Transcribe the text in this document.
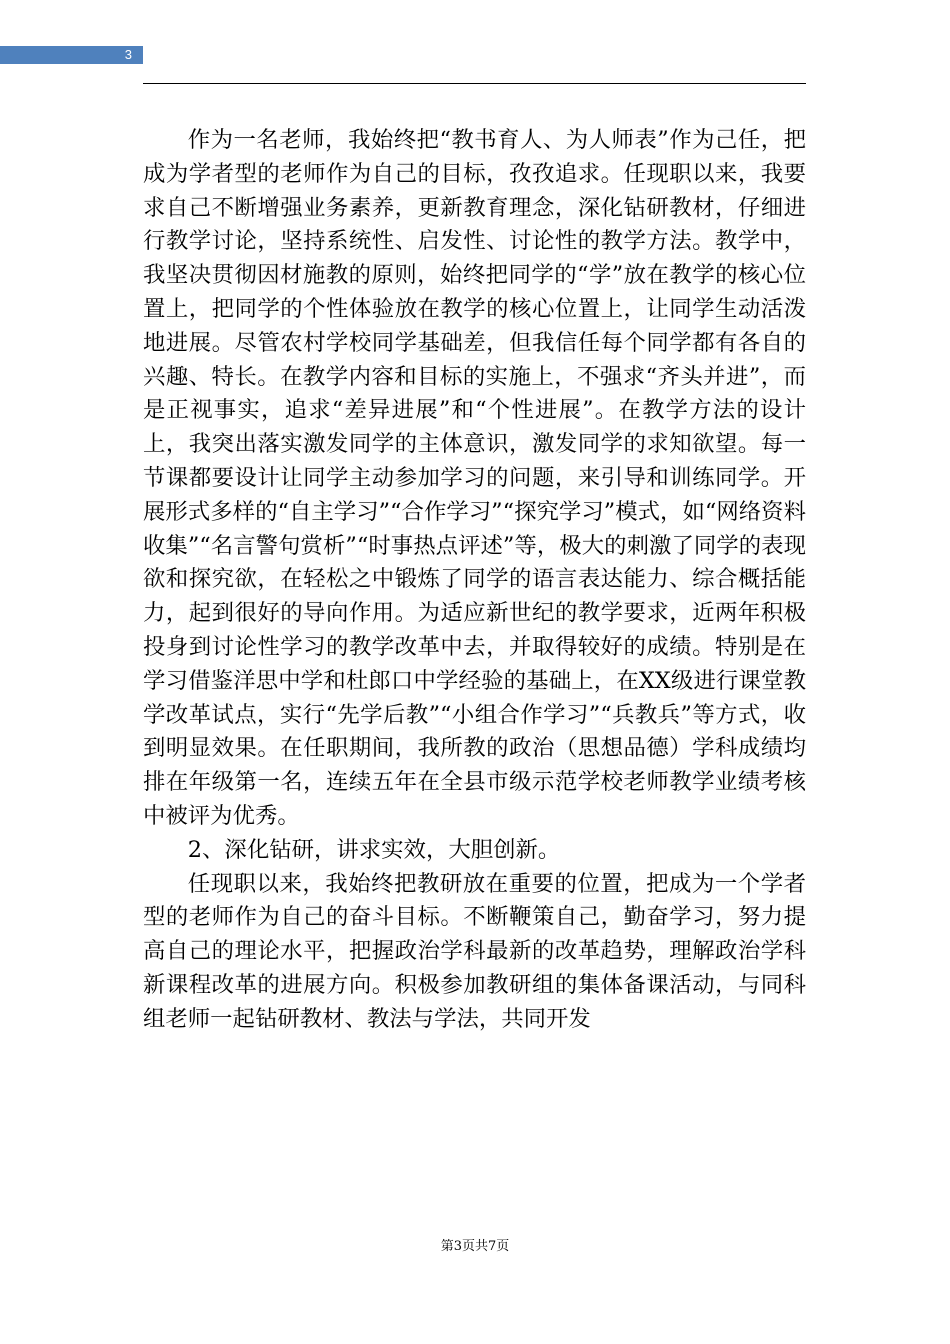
3

作为一名老师，我始终把“教书育人、为人师表”作为己任，把成为学者型的老师作为自己的目标，孜孜追求。任现职以来，我要求自己不断增强业务素养，更新教育理念，深化钻研教材，仔细进行教学讨论，坚持系统性、启发性、讨论性的教学方法。教学中，我坚决贯彻因材施教的原则，始终把同学的“学”放在教学的核心位置上，把同学的个性体验放在教学的核心位置上，让同学生动活泼地进展。尽管农村学校同学基础差，但我信任每个同学都有各自的兴趣、特长。在教学内容和目标的实施上，不强求“齐头并进”，而是正视事实，追求“差异进展”和“个性进展”。在教学方法的设计上，我突出落实激发同学的主体意识，激发同学的求知欲望。每一节课都要设计让同学主动参加学习的问题，来引导和训练同学。开展形式多样的“自主学习”“合作学习”“探究学习”模式，如“网络资料收集”“名言警句赏析”“时事热点评述”等，极大的刺激了同学的表现欲和探究欲，在轻松之中锻炼了同学的语言表达能力、综合概括能力，起到很好的导向作用。为适应新世纪的教学要求，近两年积极投身到讨论性学习的教学改革中去，并取得较好的成绩。特别是在学习借鉴洋思中学和杜郎口中学经验的基础上，在XX级进行课堂教学改革试点，实行“先学后教”“小组合作学习”“兵教兵”等方式，收到明显效果。在任职期间，我所教的政治（思想品德）学科成绩均排在年级第一名，连续五年在全县市级示范学校老师教学业绩考核中被评为优秀。

2、深化钻研，讲求实效，大胆创新。

任现职以来，我始终把教研放在重要的位置，把成为一个学者型的老师作为自己的奋斗目标。不断鞭策自己，勤奋学习，努力提高自己的理论水平，把握政治学科最新的改革趋势，理解政治学科新课程改革的进展方向。积极参加教研组的集体备课活动，与同科组老师一起钻研教材、教法与学法，共同开发

第3页共7页
